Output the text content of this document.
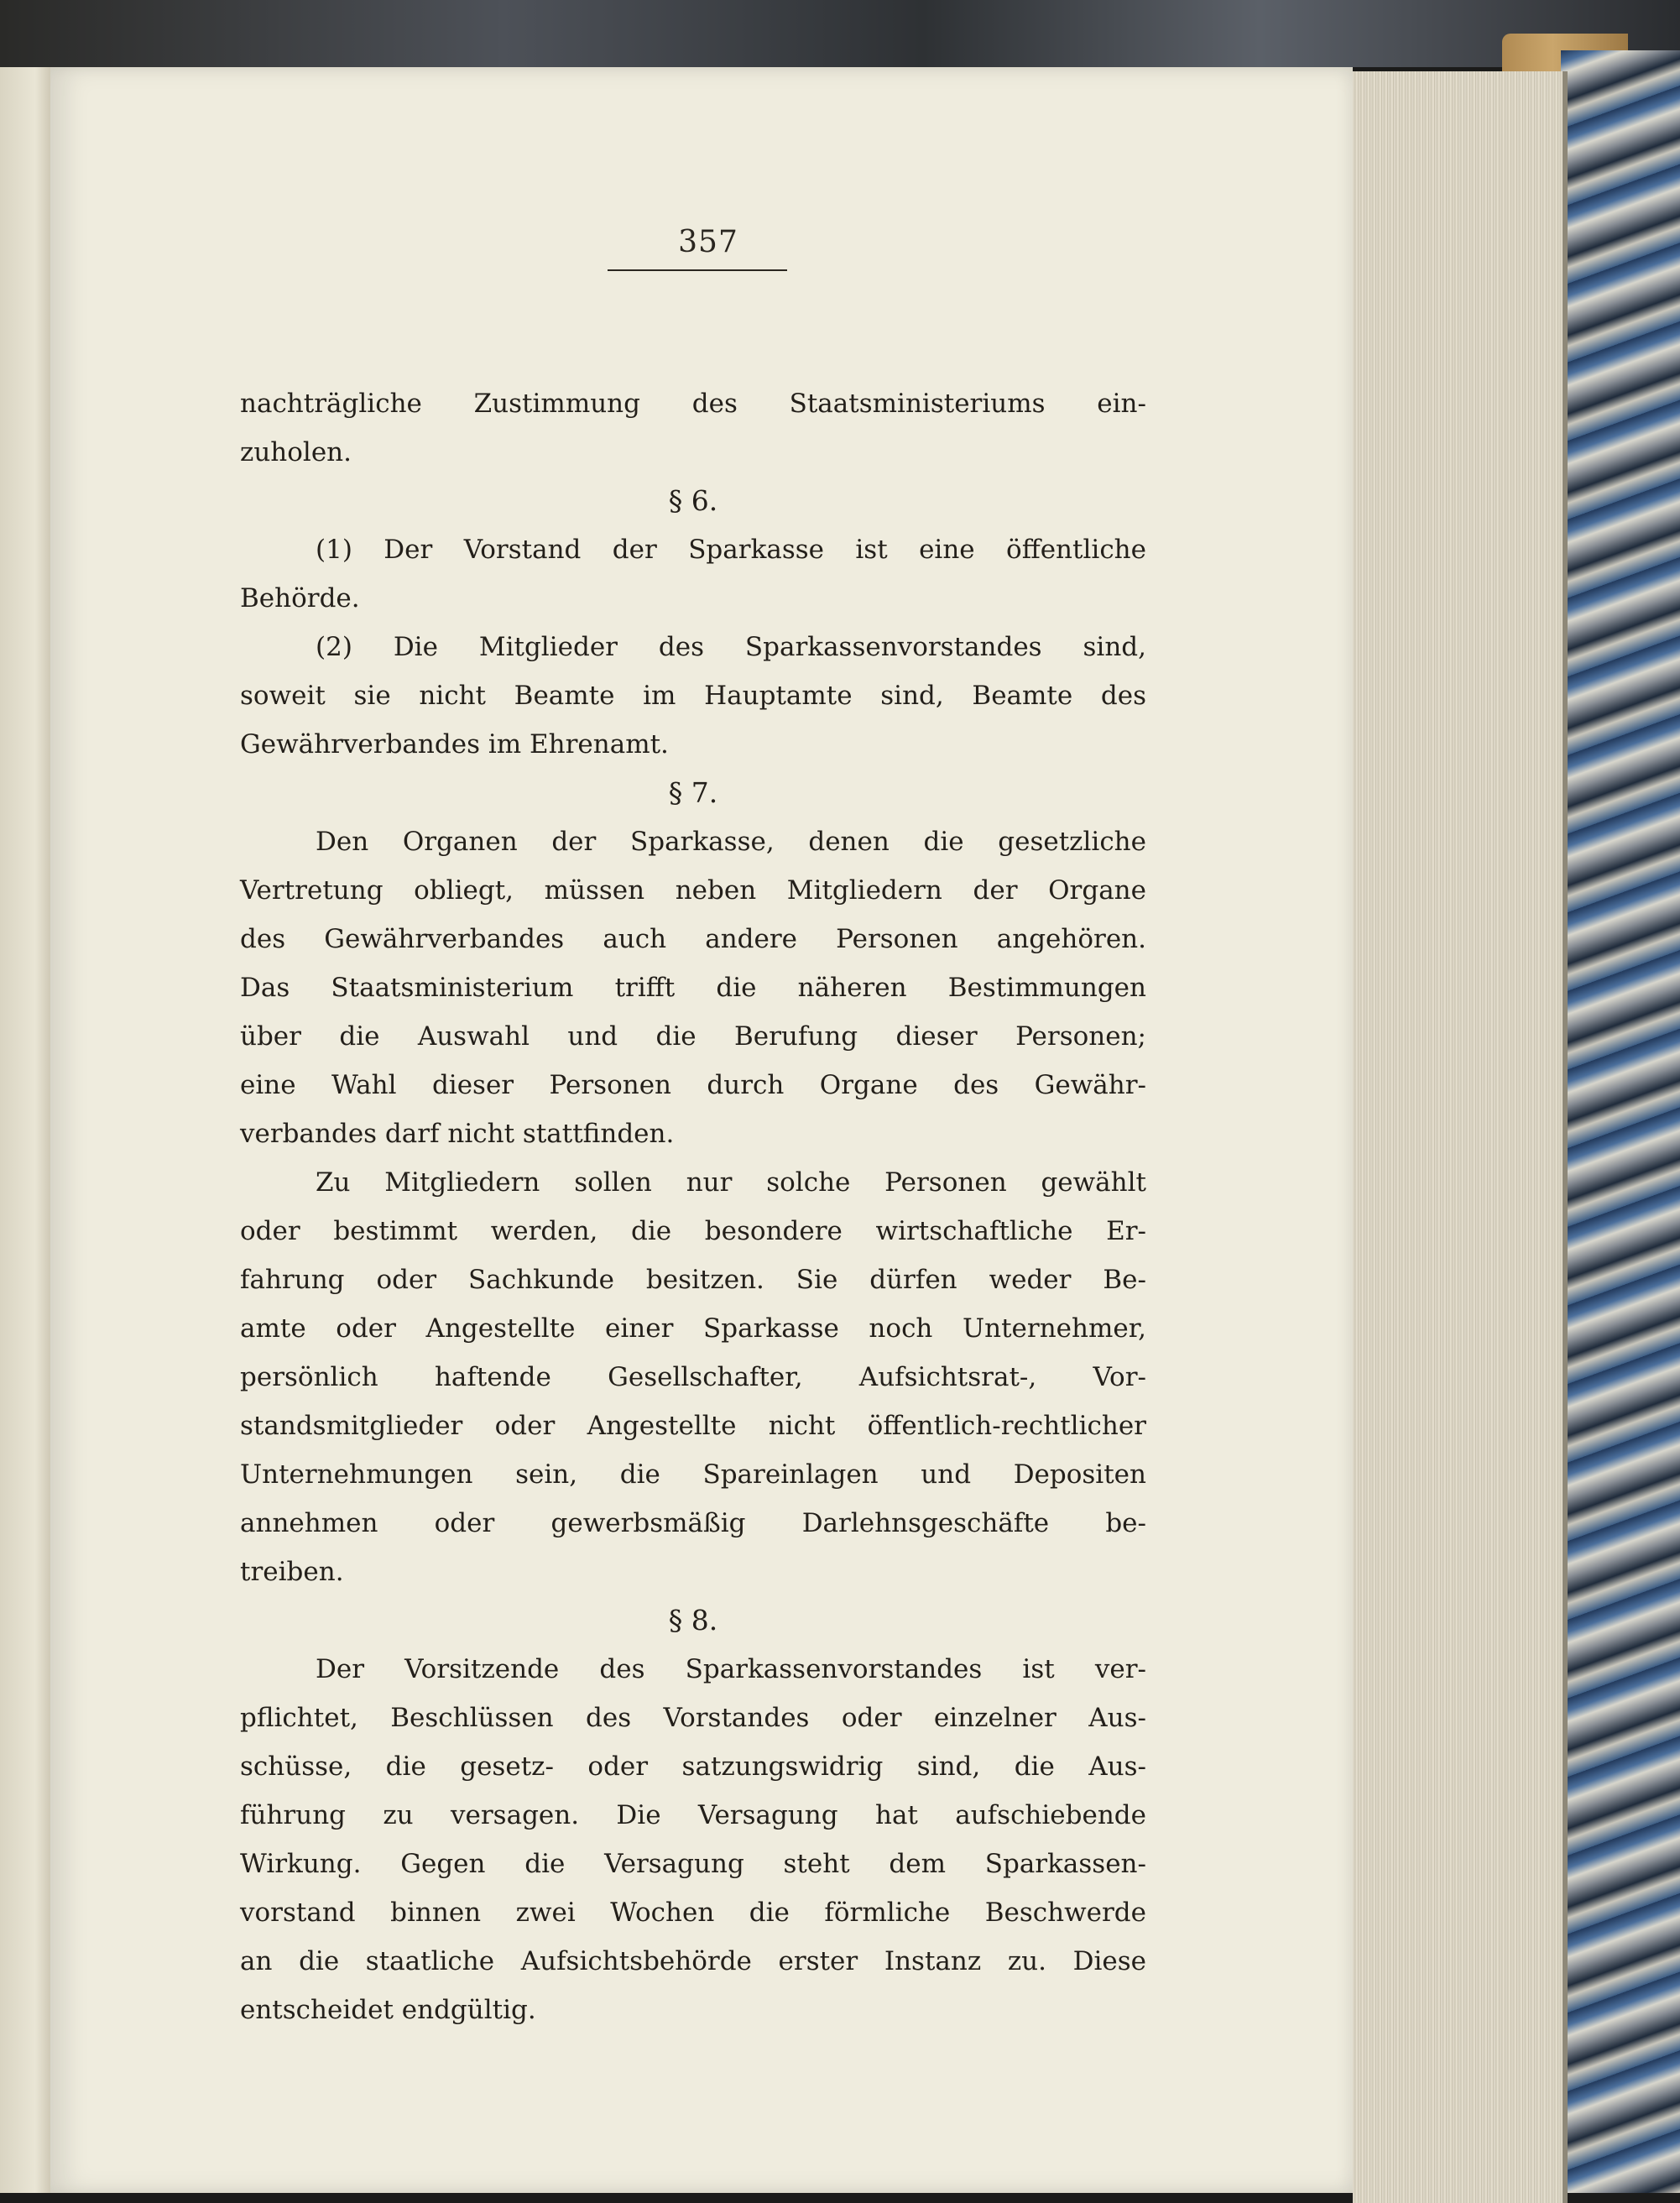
357
nachträgliche Zustimmung des Staatsministeriums ein-
zuholen.
§ 6.
(1) Der Vorstand der Sparkasse ist eine öffentliche
Behörde.
(2) Die Mitglieder des Sparkassenvorstandes sind,
soweit sie nicht Beamte im Hauptamte sind, Beamte des
Gewährverbandes im Ehrenamt.
§ 7.
Den Organen der Sparkasse, denen die gesetzliche
Vertretung obliegt, müssen neben Mitgliedern der Organe
des Gewährverbandes auch andere Personen angehören.
Das Staatsministerium trifft die näheren Bestimmungen
über die Auswahl und die Berufung dieser Personen;
eine Wahl dieser Personen durch Organe des Gewähr-
verbandes darf nicht stattfinden.
Zu Mitgliedern sollen nur solche Personen gewählt
oder bestimmt werden, die besondere wirtschaftliche Er-
fahrung oder Sachkunde besitzen. Sie dürfen weder Be-
amte oder Angestellte einer Sparkasse noch Unternehmer,
persönlich haftende Gesellschafter, Aufsichtsrat-, Vor-
standsmitglieder oder Angestellte nicht öffentlich-rechtlicher
Unternehmungen sein, die Spareinlagen und Depositen
annehmen oder gewerbsmäßig Darlehnsgeschäfte be-
treiben.
§ 8.
Der Vorsitzende des Sparkassenvorstandes ist ver-
pflichtet, Beschlüssen des Vorstandes oder einzelner Aus-
schüsse, die gesetz- oder satzungswidrig sind, die Aus-
führung zu versagen. Die Versagung hat aufschiebende
Wirkung. Gegen die Versagung steht dem Sparkassen-
vorstand binnen zwei Wochen die förmliche Beschwerde
an die staatliche Aufsichtsbehörde erster Instanz zu. Diese
entscheidet endgültig.
